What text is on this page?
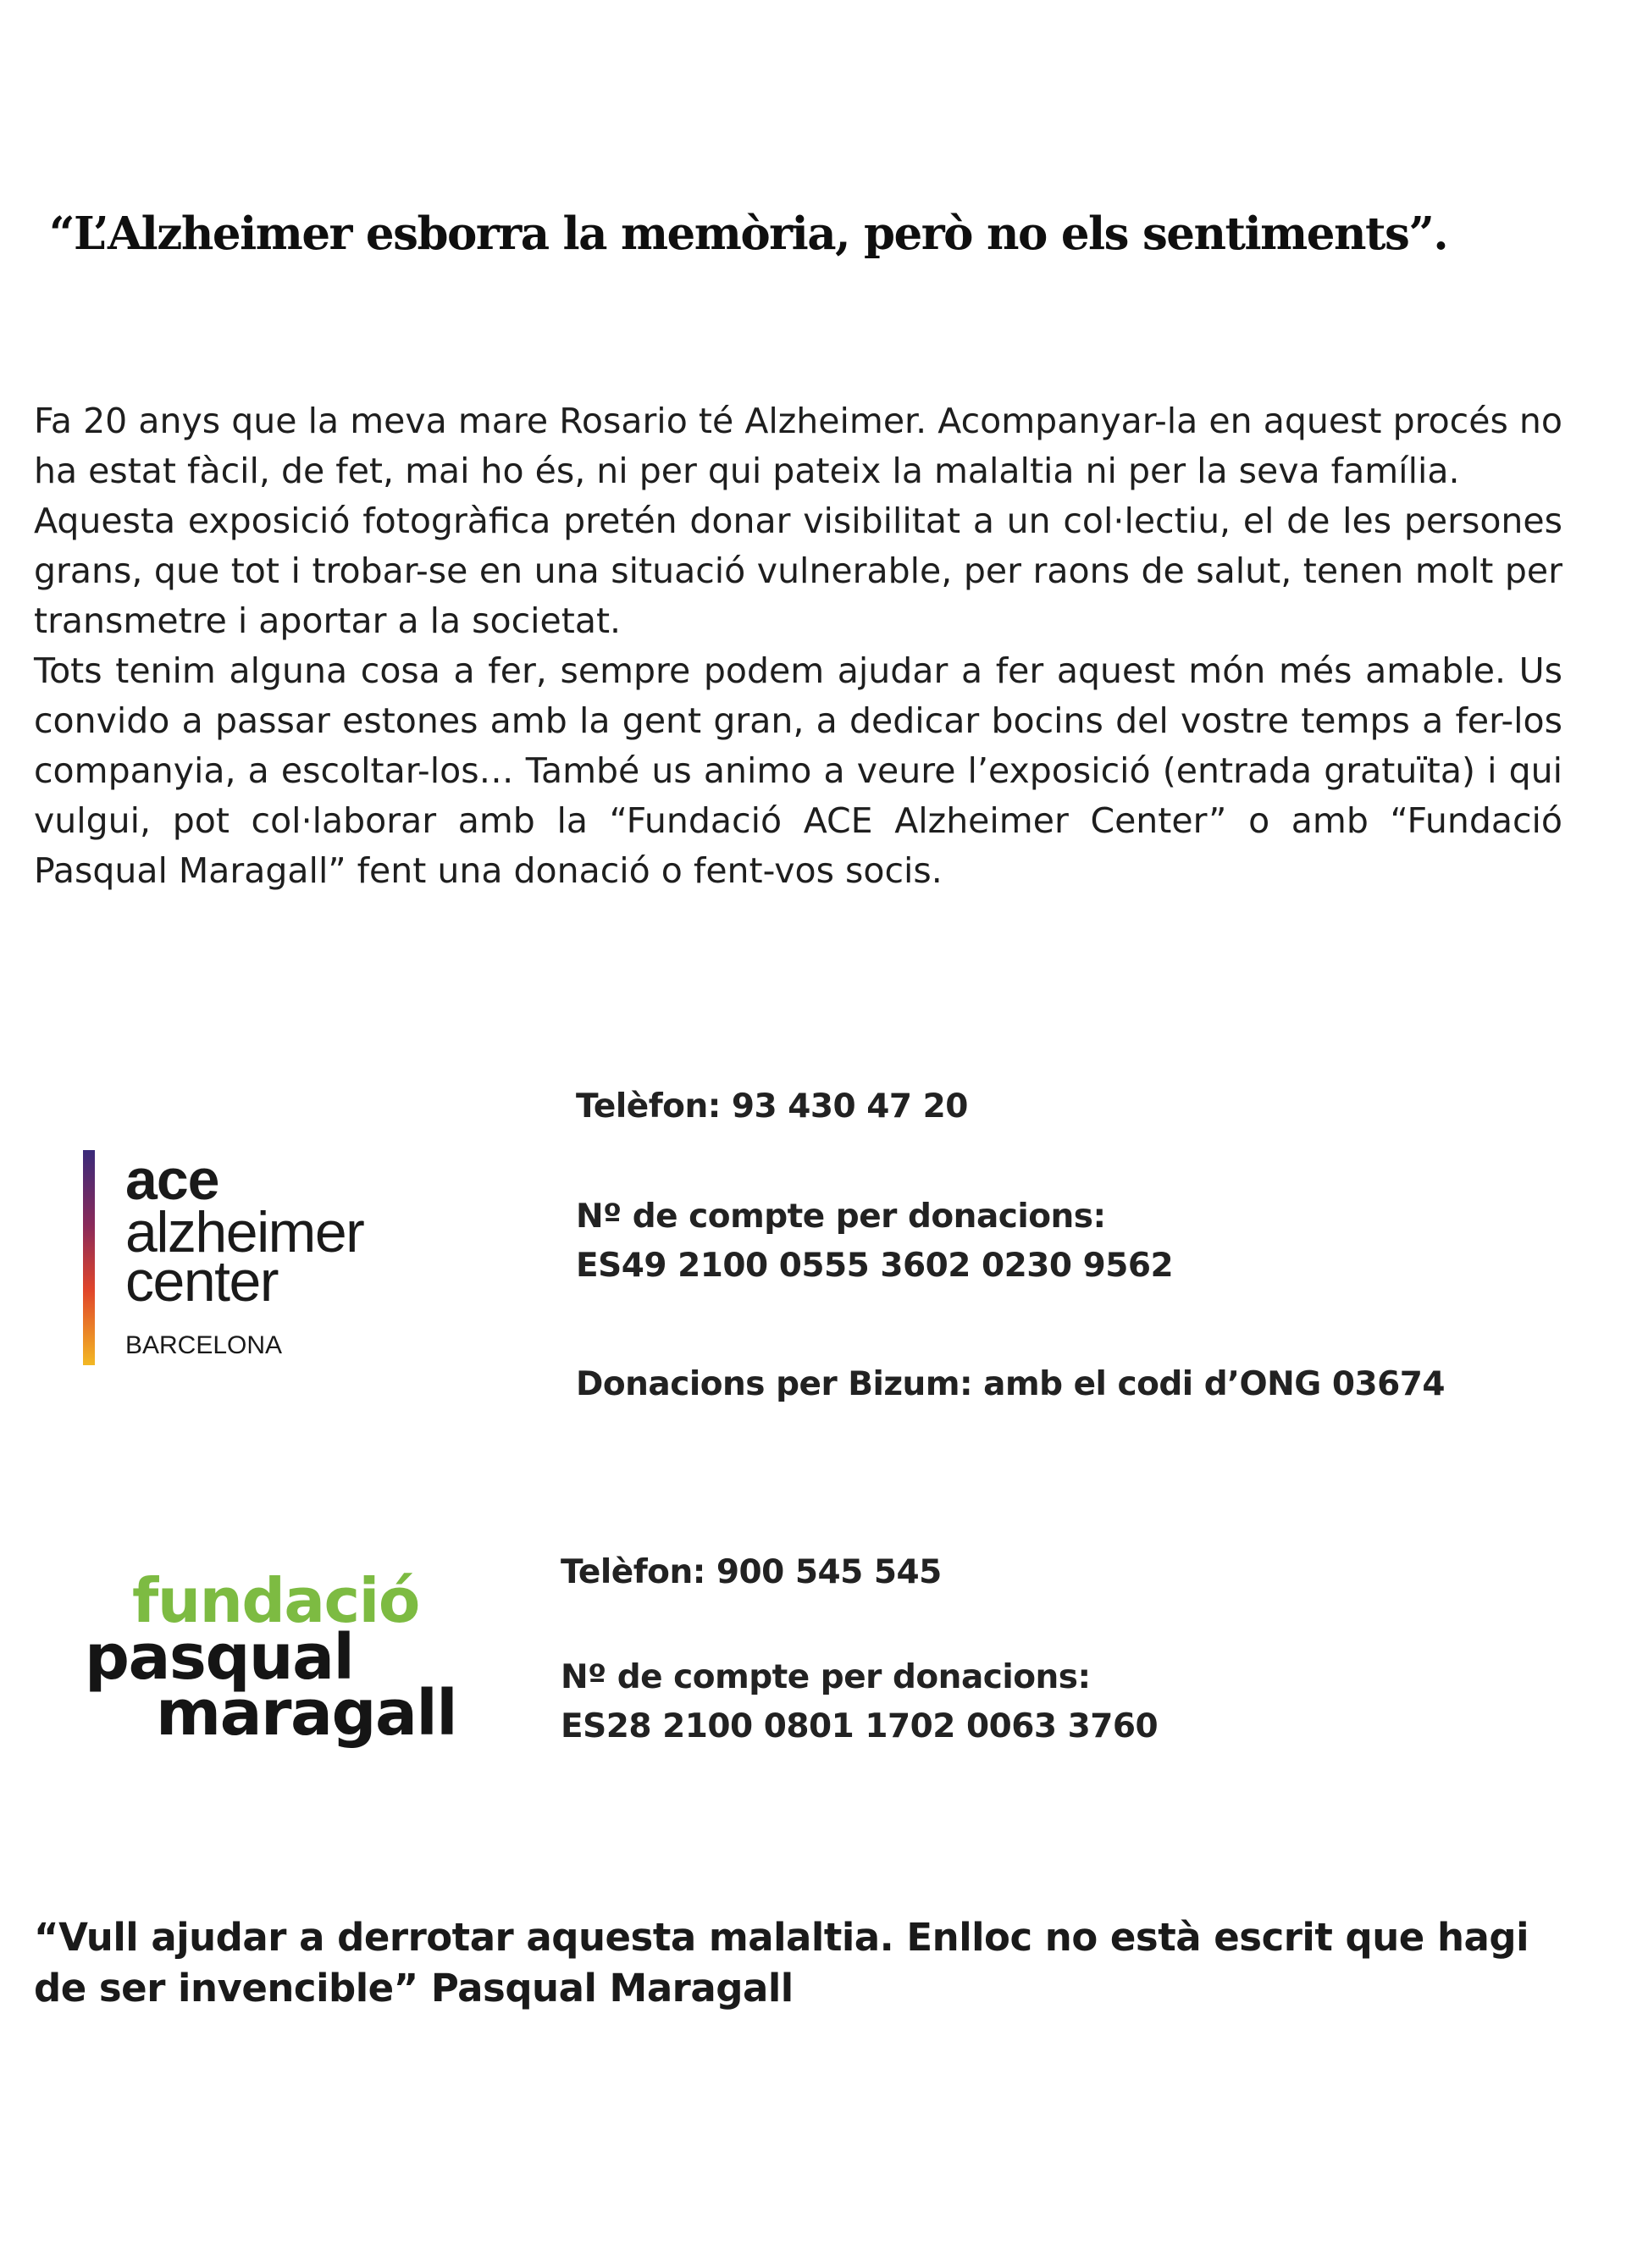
“L’Alzheimer esborra la memòria, però no els sentiments”.

Fa 20 anys que la meva mare Rosario té Alzheimer. Acompanyar-la en aquest procés no ha estat fàcil, de fet, mai ho és, ni per qui pateix la malaltia ni per la seva família.

Aquesta exposició fotogràfica pretén donar visibilitat a un col·lectiu, el de les persones grans, que tot i trobar-se en una situació vulnerable, per raons de salut, tenen molt per transmetre i aportar a la societat.

Tots tenim alguna cosa a fer, sempre podem ajudar a fer aquest món més amable. Us convido a passar estones amb la gent gran, a dedicar bocins del vostre temps a fer-los companyia, a escoltar-los… També us animo a veure l’exposició (entrada gratuïta) i qui vulgui, pot col·laborar amb la “Fundació ACE Alzheimer Center” o amb “Fundació Pasqual Maragall” fent una donació o fent-vos socis.

ace
alzheimer
center
BARCELONA
Telèfon: 93 430 47 20
Nº de compte per donacions:
ES49 2100 0555 3602 0230 9562
Donacions per Bizum: amb el codi d’ONG 03674
fundació
pasqual
maragall
Telèfon: 900 545 545
Nº de compte per donacions:
ES28 2100 0801 1702 0063 3760
“Vull ajudar a derrotar aquesta malaltia. Enlloc no està escrit que hagi
de ser invencible” Pasqual Maragall
